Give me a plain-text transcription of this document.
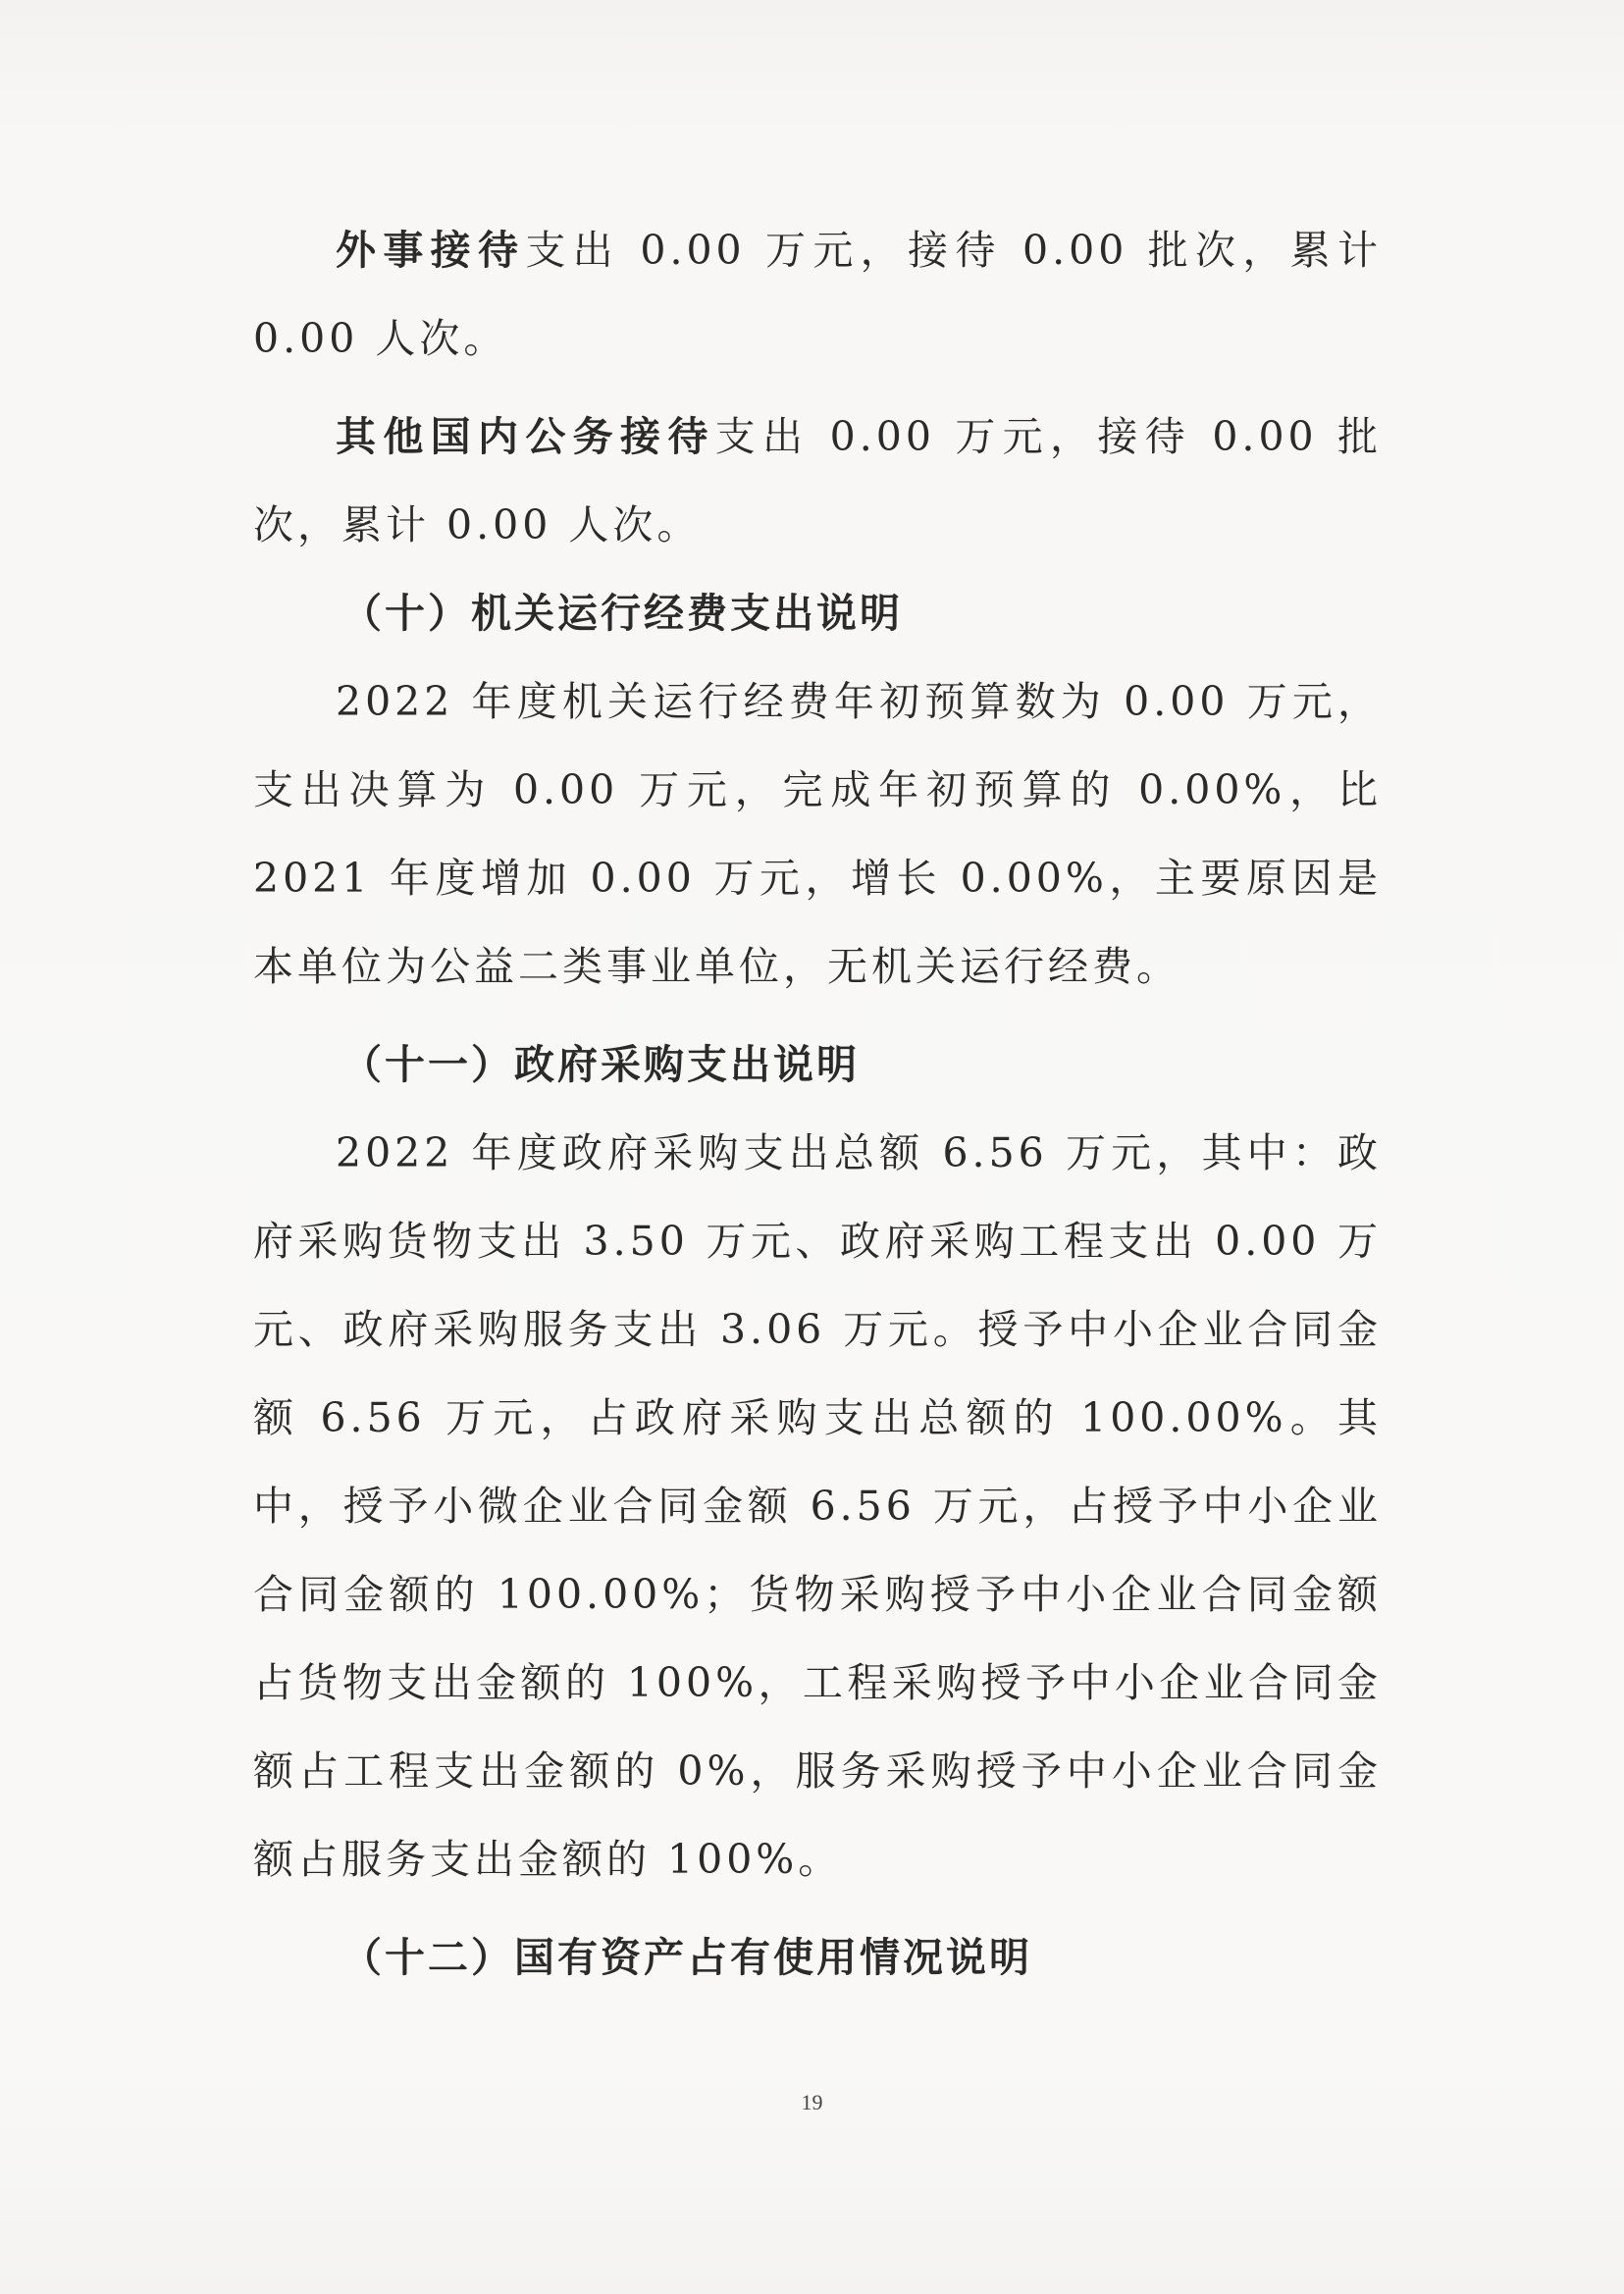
外事接待支出 0.00 万元，接待 0.00 批次，累计 0.00 人次。

其他国内公务接待支出 0.00 万元，接待 0.00 批次，累计 0.00 人次。

（十）机关运行经费支出说明

2022 年度机关运行经费年初预算数为 0.00 万元，支出决算为 0.00 万元，完成年初预算的 0.00%，比 2021 年度增加 0.00 万元，增长 0.00%，主要原因是本单位为公益二类事业单位，无机关运行经费。

（十一）政府采购支出说明

2022 年度政府采购支出总额 6.56 万元，其中：政府采购货物支出 3.50 万元、政府采购工程支出 0.00 万元、政府采购服务支出 3.06 万元。授予中小企业合同金额 6.56 万元，占政府采购支出总额的 100.00%。其中，授予小微企业合同金额 6.56 万元，占授予中小企业合同金额的 100.00%；货物采购授予中小企业合同金额占货物支出金额的 100%，工程采购授予中小企业合同金额占工程支出金额的 0%，服务采购授予中小企业合同金额占服务支出金额的 100%。

（十二）国有资产占有使用情况说明
19
